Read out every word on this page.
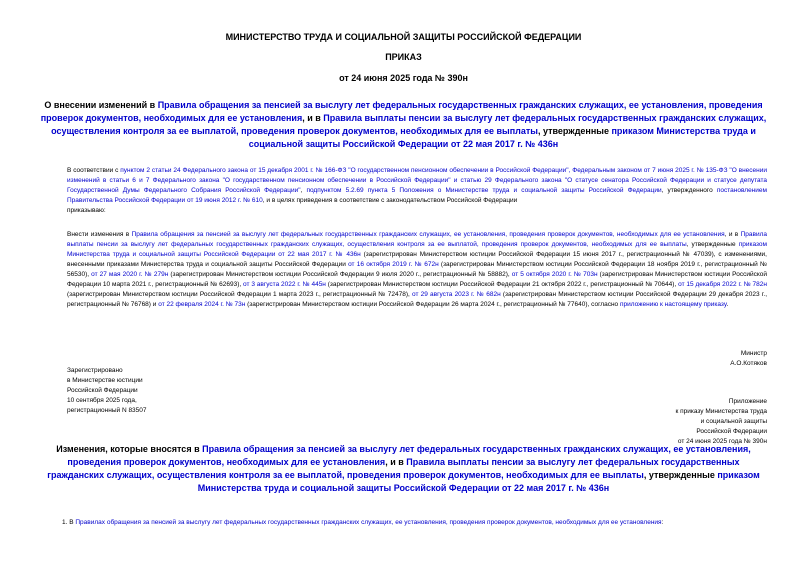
МИНИСТЕРСТВО ТРУДА И СОЦИАЛЬНОЙ ЗАЩИТЫ РОССИЙСКОЙ ФЕДЕРАЦИИ
ПРИКАЗ
от 24 июня 2025 года № 390н
О внесении изменений в Правила обращения за пенсией за выслугу лет федеральных государственных гражданских служащих, ее установления, проведения проверок документов, необходимых для ее установления, и в Правила выплаты пенсии за выслугу лет федеральных государственных гражданских служащих, осуществления контроля за ее выплатой, проведения проверок документов, необходимых для ее выплаты, утвержденные приказом Министерства труда и социальной защиты Российской Федерации от 22 мая 2017 г. № 436н
В соответствии с пунктом 2 статьи 24 Федерального закона от 15 декабря 2001 г. № 166-ФЗ "О государственном пенсионном обеспечении в Российской Федерации", Федеральным законом от 7 июня 2025 г. № 135-ФЗ "О внесении изменений в статьи 6 и 7 Федерального закона "О государственном пенсионном обеспечении в Российской Федерации" и статью 29 Федерального закона "О статусе сенатора Российской Федерации и статусе депутата Государственной Думы Федерального Собрания Российской Федерации", подпунктом 5.2.69 пункта 5 Положения о Министерстве труда и социальной защиты Российской Федерации, утвержденного постановлением Правительства Российской Федерации от 19 июня 2012 г. № 610, и в целях приведения в соответствие с законодательством Российской Федерации
приказываю:
Внести изменения в Правила обращения за пенсией за выслугу лет федеральных государственных гражданских служащих, ее установления, проведения проверок документов, необходимых для ее установления, и в Правила выплаты пенсии за выслугу лет федеральных государственных гражданских служащих, осуществления контроля за ее выплатой, проведения проверок документов, необходимых для ее выплаты, утвержденные приказом Министерства труда и социальной защиты Российской Федерации от 22 мая 2017 г. № 436н (зарегистрирован Министерством юстиции Российской Федерации 15 июня 2017 г., регистрационный № 47039), с изменениями, внесенными приказами Министерства труда и социальной защиты Российской Федерации от 16 октября 2019 г. № 672н (зарегистрирован Министерством юстиции Российской Федерации 18 ноября 2019 г., регистрационный № 56530), от 27 мая 2020 г. № 279н (зарегистрирован Министерством юстиции Российской Федерации 9 июля 2020 г., регистрационный № 58882), от 5 октября 2020 г. № 703н (зарегистрирован Министерством юстиции Российской Федерации 10 марта 2021 г., регистрационный № 62693), от 3 августа 2022 г. № 445н (зарегистрирован Министерством юстиции Российской Федерации 21 октября 2022 г., регистрационный № 70644), от 15 декабря 2022 г. № 782н (зарегистрирован Министерством юстиции Российской Федерации 1 марта 2023 г., регистрационный № 72478), от 29 августа 2023 г. № 682н (зарегистрирован Министерством юстиции Российской Федерации 29 декабря 2023 г., регистрационный № 76768) и от 22 февраля 2024 г. № 73н (зарегистрирован Министерством юстиции Российской Федерации 26 марта 2024 г., регистрационный № 77640), согласно приложению к настоящему приказу.
Министр
А.О.Котяков
Зарегистрировано
в Министерстве юстиции
Российской Федерации
10 сентября 2025 года,
регистрационный N 83507
Приложение
к приказу Министерства труда
и социальной защиты
Российской Федерации
от 24 июня 2025 года № 390н
Изменения, которые вносятся в Правила обращения за пенсией за выслугу лет федеральных государственных гражданских служащих, ее установления, проведения проверок документов, необходимых для ее установления, и в Правила выплаты пенсии за выслугу лет федеральных государственных гражданских служащих, осуществления контроля за ее выплатой, проведения проверок документов, необходимых для ее выплаты, утвержденные приказом Министерства труда и социальной защиты Российской Федерации от 22 мая 2017 г. № 436н
1. В Правилах обращения за пенсией за выслугу лет федеральных государственных гражданских служащих, ее установления, проведения проверок документов, необходимых для ее установления:
